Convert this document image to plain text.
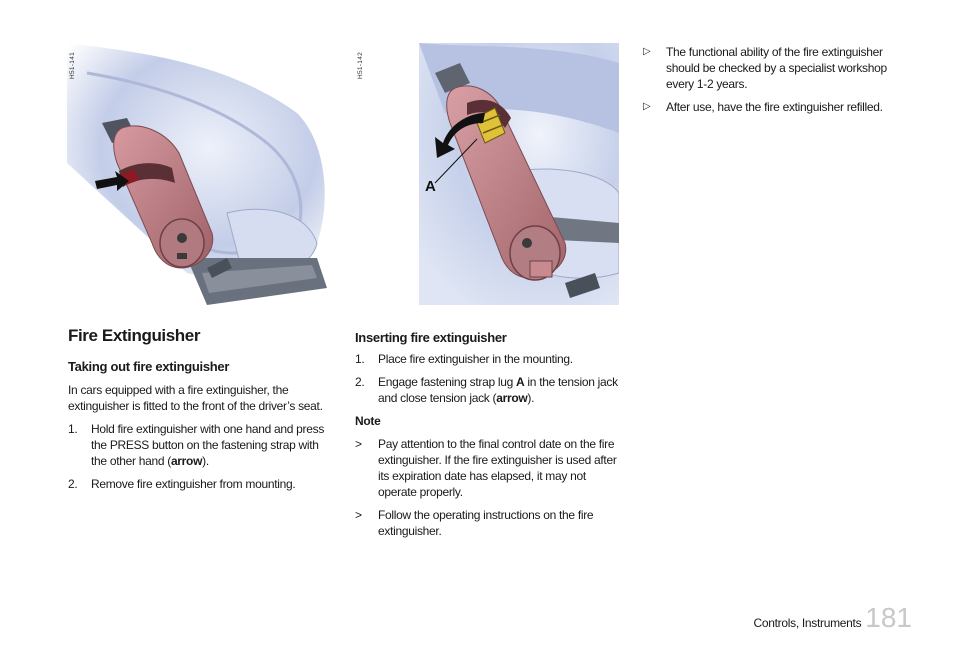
H51-141
A
H51-142
Fire Extinguisher
Taking out fire extinguisher

In cars equipped with a fire extinguisher, the extinguisher is fitted to the front of the driver’s seat.

1. Hold fire extinguisher with one hand and press the PRESS button on the fastening strap with the other hand (arrow).
2. Remove fire extinguisher from mounting.
Inserting fire extinguisher
1. Place fire extinguisher in the mounting.
2. Engage fastening strap lug A in the tension jack and close tension jack (arrow).

Note

> Pay attention to the final control date on the fire extinguisher. If the fire extinguisher is used after its expiration date has elapsed, it may not operate properly.
> Follow the operating instructions on the fire extinguisher.
▷ The functional ability of the fire extinguisher should be checked by a specialist workshop every 1-2 years.
▷ After use, have the fire extinguisher refilled.
Controls, Instruments 181
